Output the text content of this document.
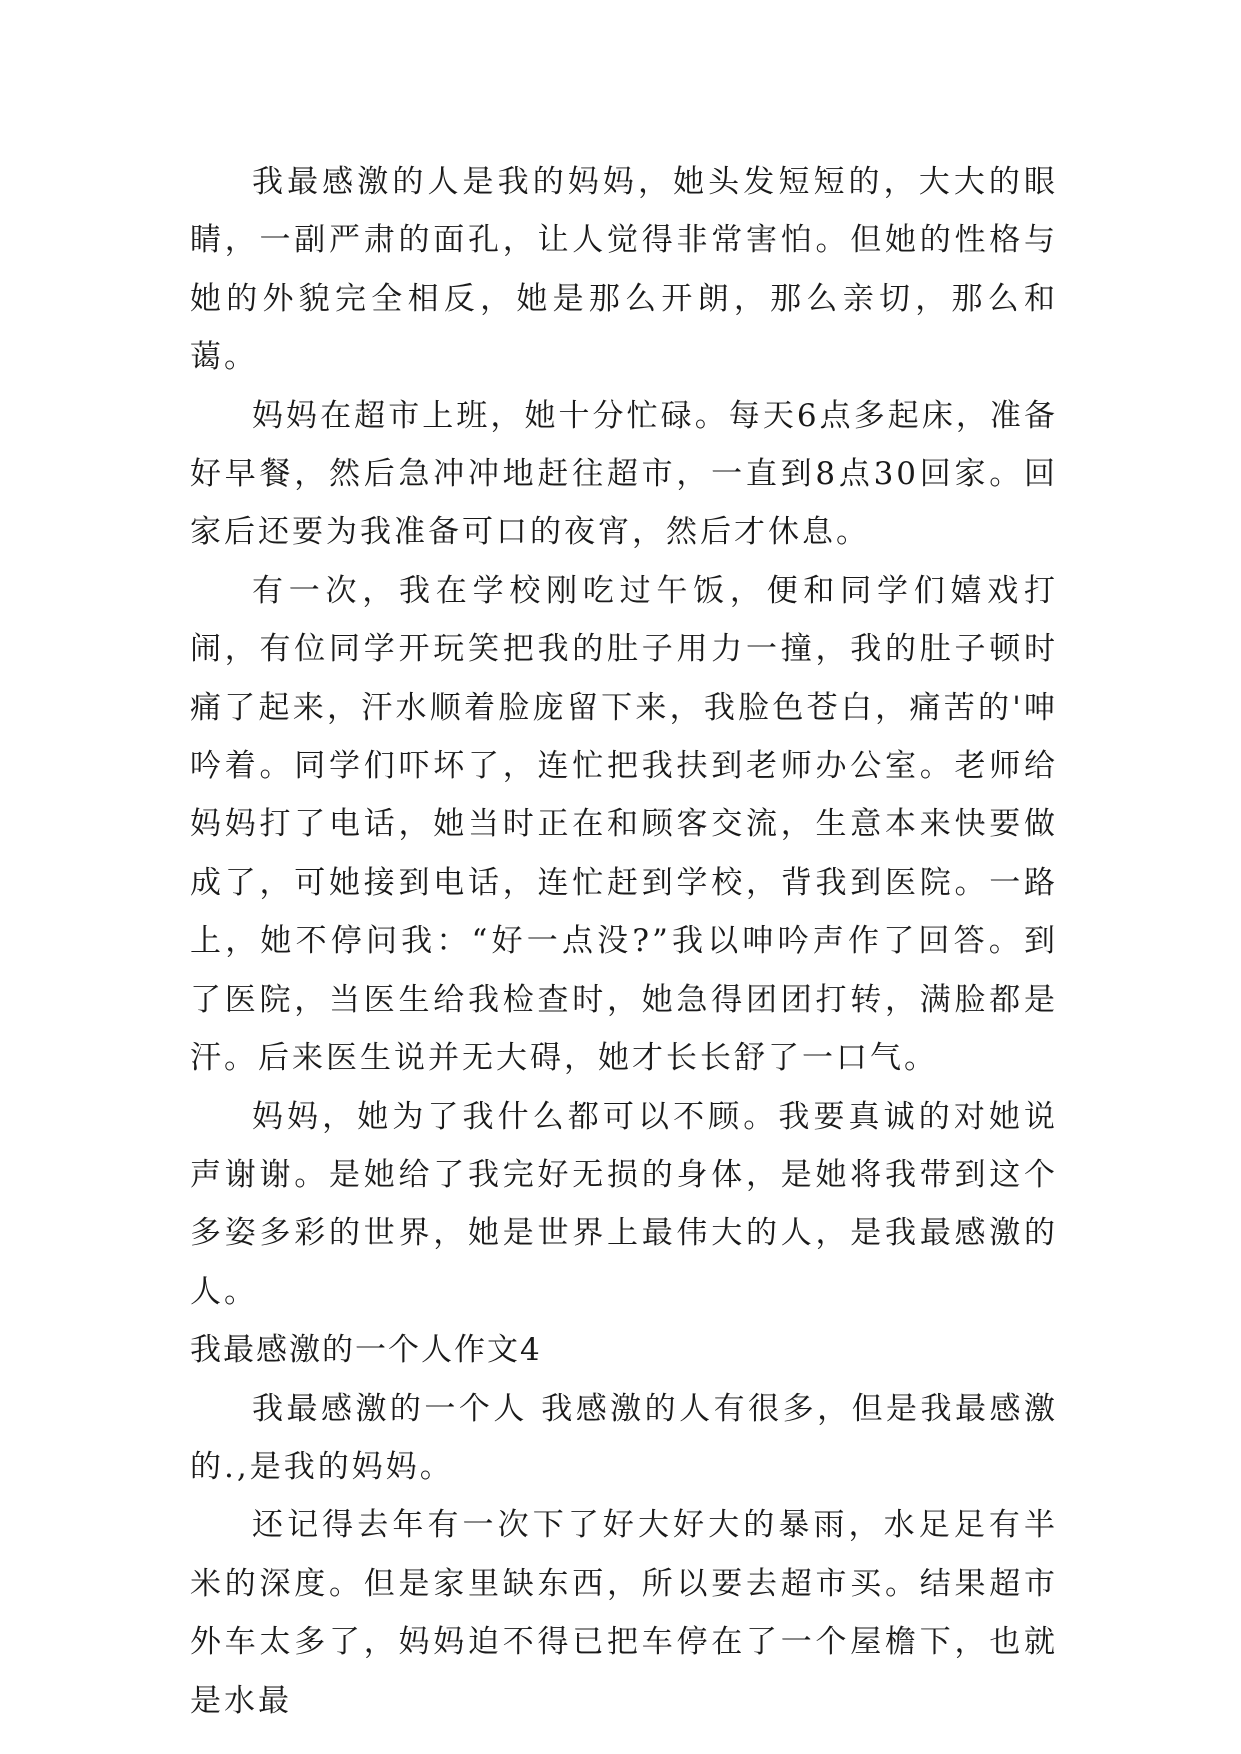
我最感激的人是我的妈妈，她头发短短的，大大的眼睛，一副严肃的面孔，让人觉得非常害怕。但她的性格与她的外貌完全相反，她是那么开朗，那么亲切，那么和蔼。

妈妈在超市上班，她十分忙碌。每天6点多起床，准备好早餐，然后急冲冲地赶往超市，一直到8点30回家。回家后还要为我准备可口的夜宵，然后才休息。

有一次，我在学校刚吃过午饭，便和同学们嬉戏打闹，有位同学开玩笑把我的肚子用力一撞，我的肚子顿时痛了起来，汗水顺着脸庞留下来，我脸色苍白，痛苦的'呻吟着。同学们吓坏了，连忙把我扶到老师办公室。老师给妈妈打了电话，她当时正在和顾客交流，生意本来快要做成了，可她接到电话，连忙赶到学校，背我到医院。一路上，她不停问我：“好一点没?”我以呻吟声作了回答。到了医院，当医生给我检查时，她急得团团打转，满脸都是汗。后来医生说并无大碍，她才长长舒了一口气。

妈妈，她为了我什么都可以不顾。我要真诚的对她说声谢谢。是她给了我完好无损的身体，是她将我带到这个多姿多彩的世界，她是世界上最伟大的人，是我最感激的人。

我最感激的一个人作文4

我最感激的一个人 我感激的人有很多，但是我最感激的.,是我的妈妈。

还记得去年有一次下了好大好大的暴雨，水足足有半米的深度。但是家里缺东西，所以要去超市买。结果超市外车太多了，妈妈迫不得已把车停在了一个屋檐下，也就是水最
